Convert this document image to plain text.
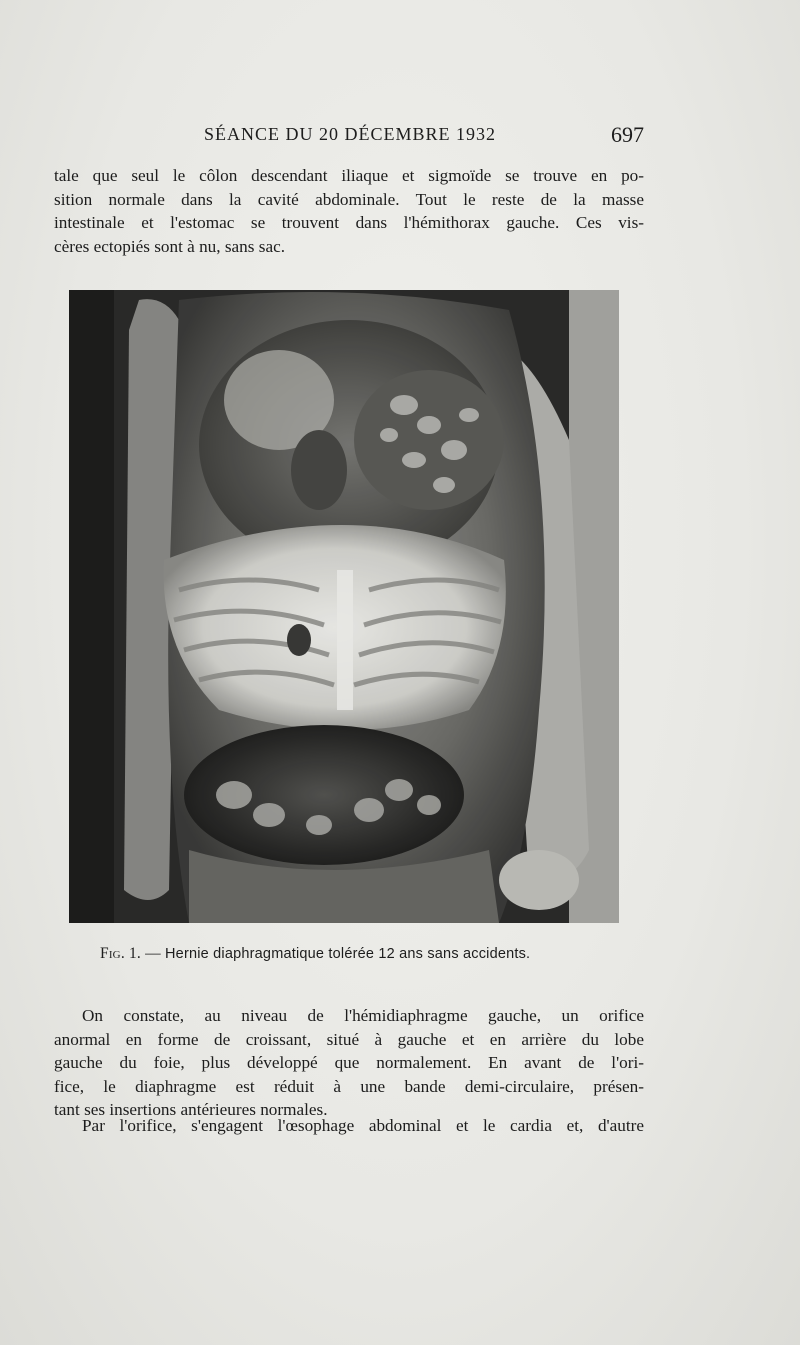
SÉANCE DU 20 DÉCEMBRE 1932	697
tale que seul le côlon descendant iliaque et sigmoïde se trouve en po-
sition normale dans la cavité abdominale. Tout le reste de la masse
intestinale et l'estomac se trouvent dans l'hémithorax gauche. Ces vis-
cères ectopiés sont à nu, sans sac.
Fig. 1. — Hernie diaphragmatique tolérée 12 ans sans accidents.
On constate, au niveau de l'hémidiaphragme gauche, un orifice
anormal en forme de croissant, situé à gauche et en arrière du lobe
gauche du foie, plus développé que normalement. En avant de l'ori-
fice, le diaphragme est réduit à une bande demi-circulaire, présen-
tant ses insertions antérieures normales.
Par l'orifice, s'engagent l'œsophage abdominal et le cardia et, d'autre
